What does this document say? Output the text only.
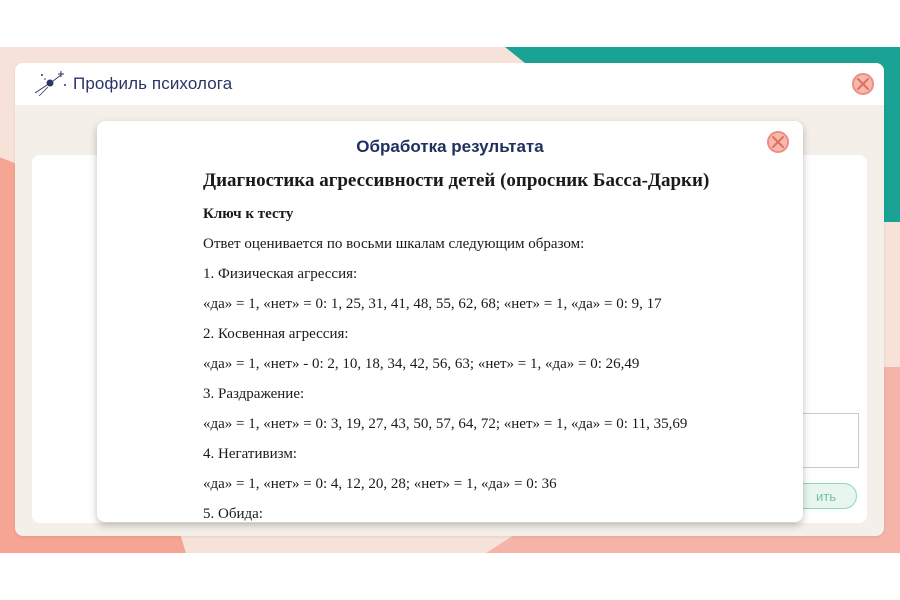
Профиль психолога
ить
Обработка результата
Диагностика агрессивности детей (опросник Басса-Дарки)
Ключ к тесту
Ответ оценивается по восьми шкалам следующим образом:
1. Физическая агрессия:
«да» = 1, «нет» = 0: 1, 25, 31, 41, 48, 55, 62, 68; «нет» = 1, «да» = 0: 9, 17
2. Косвенная агрессия:
«да» = 1, «нет» - 0: 2, 10, 18, 34, 42, 56, 63; «нет» = 1, «да» = 0: 26,49
3. Раздражение:
«да» = 1, «нет» = 0: 3, 19, 27, 43, 50, 57, 64, 72; «нет» = 1, «да» = 0: 11, 35,69
4. Негативизм:
«да» = 1, «нет» = 0: 4, 12, 20, 28; «нет» = 1, «да» = 0: 36
5. Обида:
